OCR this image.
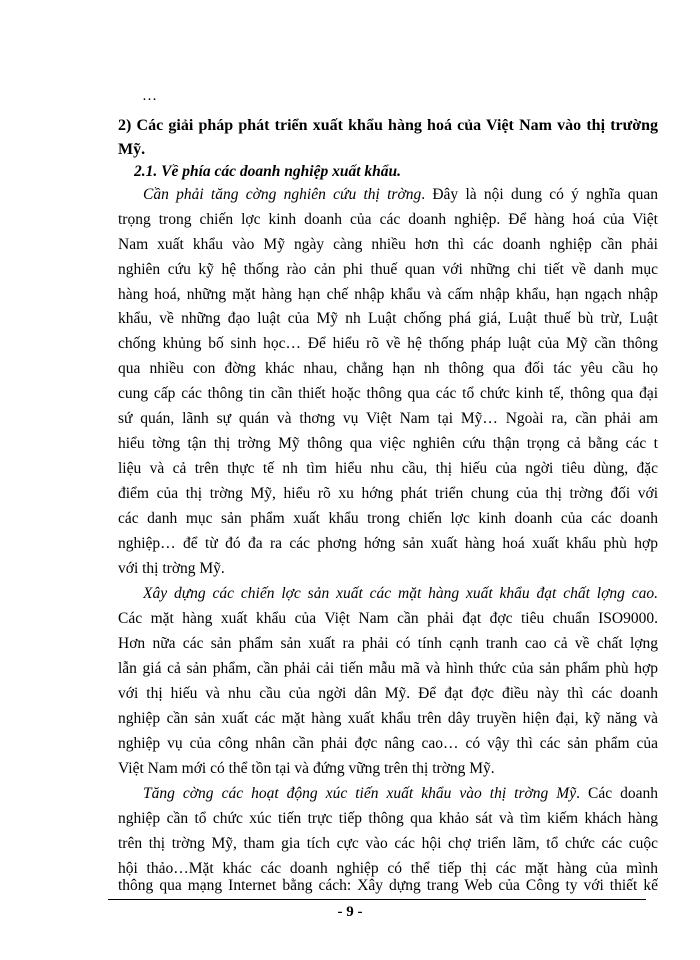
…
2) Các giải pháp phát triển xuất khẩu hàng hoá của Việt Nam vào thị trường
Mỹ.
2.1. Về phía các doanh nghiệp xuất khẩu.
Cần phải tăng cờng nghiên cứu thị trờng. Đây là nội dung có ý nghĩa quan
trọng trong chiến lợc kinh doanh của các doanh nghiệp. Để hàng hoá của Việt
Nam xuất khẩu vào Mỹ ngày càng nhiều hơn thì các doanh nghiệp cần phải
nghiên cứu kỹ hệ thống rào cản phi thuế quan với những chi tiết về danh mục
hàng hoá, những mặt hàng hạn chế nhập khẩu và cấm nhập khẩu, hạn ngạch nhập
khẩu, về những đạo luật của Mỹ nh Luật chống phá giá, Luật thuế bù trừ, Luật
chống khủng bố sinh học… Để hiểu rõ về hệ thống pháp luật của Mỹ cần thông
qua nhiều con đờng khác nhau, chẳng hạn nh thông qua đối tác yêu cầu họ
cung cấp các thông tin cần thiết hoặc thông qua các tổ chức kinh tế, thông qua đại
sứ quán, lãnh sự quán và thơng vụ Việt Nam tại Mỹ… Ngoài ra, cần phải am
hiểu tờng tận thị trờng Mỹ thông qua việc nghiên cứu thận trọng cả bằng các t
liệu và cả trên thực tế nh tìm hiểu nhu cầu, thị hiếu của ngời tiêu dùng, đặc
điểm của thị trờng Mỹ, hiểu rõ xu hớng phát triển chung của thị trờng đối với
các danh mục sản phẩm xuất khẩu trong chiến lợc kinh doanh của các doanh
nghiệp… để từ đó đa ra các phơng hớng sản xuất hàng hoá xuất khẩu phù hợp
với thị trờng Mỹ.
Xây dựng các chiến lợc sản xuất các mặt hàng xuất khẩu đạt chất lợng cao.
Các mặt hàng xuất khẩu của Việt Nam cần phải đạt đợc tiêu chuẩn ISO9000.
Hơn nữa các sản phẩm sản xuất ra phải có tính cạnh tranh cao cả về chất lợng
lẫn giá cả sản phẩm, cần phải cải tiến mẫu mã và hình thức của sản phẩm phù hợp
với thị hiếu và nhu cầu của ngời dân Mỹ. Để đạt đợc điều này thì các doanh
nghiệp cần sản xuất các mặt hàng xuất khẩu trên dây truyền hiện đại, kỹ năng và
nghiệp vụ của công nhân cần phải đợc nâng cao… có vậy thì các sản phẩm của
Việt Nam mới có thể tồn tại và đứng vững trên thị trờng Mỹ.
Tăng cờng các hoạt động xúc tiến xuất khẩu vào thị trờng Mỹ. Các doanh
nghiệp cần tổ chức xúc tiến trực tiếp thông qua khảo sát và tìm kiếm khách hàng
trên thị trờng Mỹ, tham gia tích cực vào các hội chợ triển lãm, tổ chức các cuộc
hội thảo…Mặt khác các doanh nghiệp có thể tiếp thị các mặt hàng của mình
thông qua mạng Internet bằng cách: Xây dựng trang Web của Công ty với thiết kế
- 9 -
